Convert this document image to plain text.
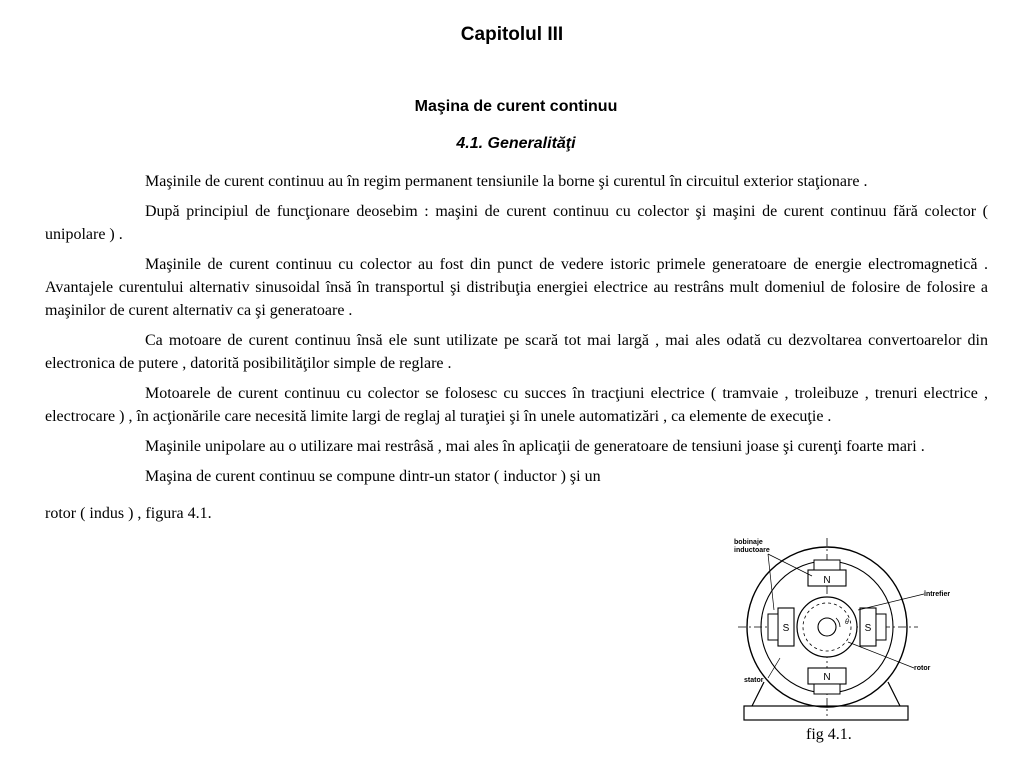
Capitolul III
Maşina de curent continuu
4.1. Generalităţi

Maşinile de curent continuu au în regim permanent tensiunile la borne şi curentul în circuitul exterior staţionare .

După principiul de funcţionare deosebim : maşini de curent continuu cu colector şi maşini de curent continuu fără colector ( unipolare ) .

Maşinile de curent continuu cu colector au fost din punct de vedere istoric primele generatoare de energie electromagnetică . Avantajele curentului alternativ sinusoidal însă în transportul şi distribuţia energiei electrice au restrâns mult domeniul de folosire de folosire a maşinilor de curent alternativ ca şi generatoare .

Ca motoare de curent continuu însă ele sunt utilizate pe scară tot mai largă , mai ales odată cu dezvoltarea convertoarelor din electronica de putere , datorită posibilităţilor simple de reglare .

Motoarele de curent continuu cu colector se folosesc cu succes în tracţiuni electrice ( tramvaie , troleibuze , trenuri electrice , electrocare ) , în acţionările care necesită limite largi de reglaj al turaţiei şi în unele automatizări , ca elemente de execuţie .

Maşinile unipolare au o utilizare mai restrâsă , mai ales în aplicaţii de generatoare de tensiuni joase şi curenţi foarte mari .

Maşina de curent continuu se compune dintr-un stator ( inductor ) şi un

rotor ( indus ) , figura 4.1.

N
N
S	S
θ
bobinaje
inductoare
întrefier
rotor
stator
fig 4.1.
